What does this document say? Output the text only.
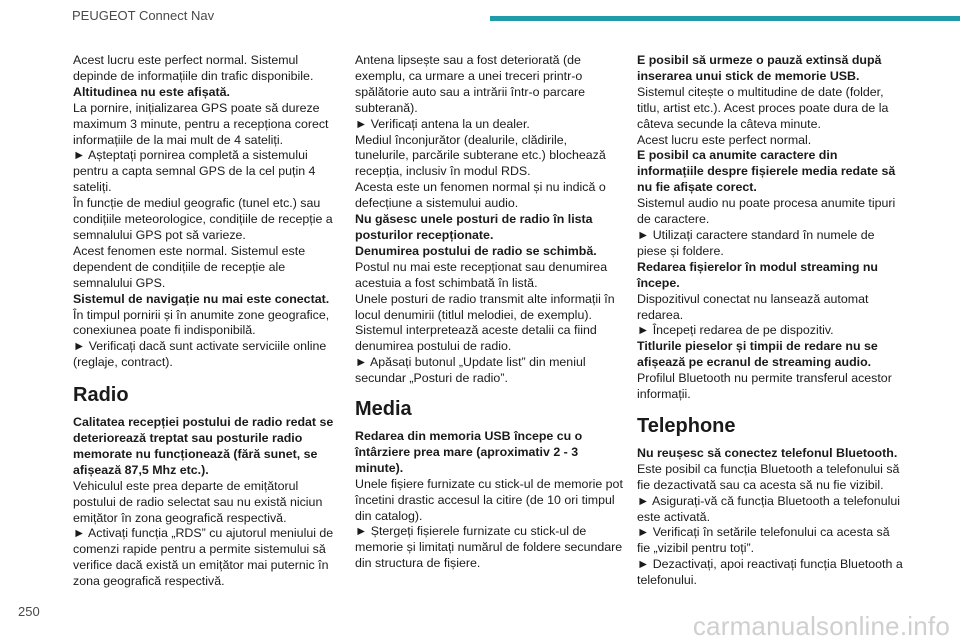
PEUGEOT Connect Nav

Acest lucru este perfect normal. Sistemul depinde de informațiile din trafic disponibile.

Altitudinea nu este afișată.

La pornire, inițializarea GPS poate să dureze maximum 3 minute, pentru a recepționa corect informațiile de la mai mult de 4 sateliți.

► Așteptați pornirea completă a sistemului pentru a capta semnal GPS de la cel puțin 4 sateliți.

În funcție de mediul geografic (tunel etc.) sau condițiile meteorologice, condițiile de recepție a semnalului GPS pot să varieze.

Acest fenomen este normal. Sistemul este dependent de condițiile de recepție ale semnalului GPS.

Sistemul de navigație nu mai este conectat.

În timpul pornirii și în anumite zone geografice, conexiunea poate fi indisponibilă.

► Verificați dacă sunt activate serviciile online (reglaje, contract).

Radio

Calitatea recepției postului de radio redat se deteriorează treptat sau posturile radio memorate nu funcționează (fără sunet, se afișează 87,5 Mhz etc.).

Vehiculul este prea departe de emițătorul postului de radio selectat sau nu există niciun emițător în zona geografică respectivă.

► Activați funcția „RDS” cu ajutorul meniului de comenzi rapide pentru a permite sistemului să verifice dacă există un emițător mai puternic în zona geografică respectivă.

Antena lipsește sau a fost deteriorată (de exemplu, ca urmare a unei treceri printr-o spălătorie auto sau a intrării într-o parcare subterană).

► Verificați antena la un dealer.

Mediul înconjurător (dealurile, clădirile, tunelurile, parcările subterane etc.) blochează recepția, inclusiv în modul RDS.

Acesta este un fenomen normal și nu indică o defecțiune a sistemului audio.

Nu găsesc unele posturi de radio în lista posturilor recepționate.

Denumirea postului de radio se schimbă.

Postul nu mai este recepționat sau denumirea acestuia a fost schimbată în listă.

Unele posturi de radio transmit alte informații în locul denumirii (titlul melodiei, de exemplu). Sistemul interpretează aceste detalii ca fiind denumirea postului de radio.

► Apăsați butonul „Update list” din meniul secundar „Posturi de radio”.

Media

Redarea din memoria USB începe cu o întârziere prea mare (aproximativ 2 - 3 minute).

Unele fișiere furnizate cu stick-ul de memorie pot încetini drastic accesul la citire (de 10 ori timpul din catalog).

► Ștergeți fișierele furnizate cu stick-ul de memorie și limitați numărul de foldere secundare din structura de fișiere.

E posibil să urmeze o pauză extinsă după inserarea unui stick de memorie USB.

Sistemul citește o multitudine de date (folder, titlu, artist etc.). Acest proces poate dura de la câteva secunde la câteva minute.

Acest lucru este perfect normal.

E posibil ca anumite caractere din informațiile despre fișierele media redate să nu fie afișate corect.

Sistemul audio nu poate procesa anumite tipuri de caractere.

► Utilizați caractere standard în numele de piese și foldere.

Redarea fișierelor în modul streaming nu începe.

Dispozitivul conectat nu lansează automat redarea.

► Începeți redarea de pe dispozitiv.

Titlurile pieselor și timpii de redare nu se afișează pe ecranul de streaming audio.

Profilul Bluetooth nu permite transferul acestor informații.

Telephone

Nu reușesc să conectez telefonul Bluetooth.

Este posibil ca funcția Bluetooth a telefonului să fie dezactivată sau ca acesta să nu fie vizibil.

► Asigurați-vă că funcția Bluetooth a telefonului este activată.

► Verificați în setările telefonului ca acesta să fie „vizibil pentru toți”.

► Dezactivați, apoi reactivați funcția Bluetooth a telefonului.

250	carmanualsonline.info
